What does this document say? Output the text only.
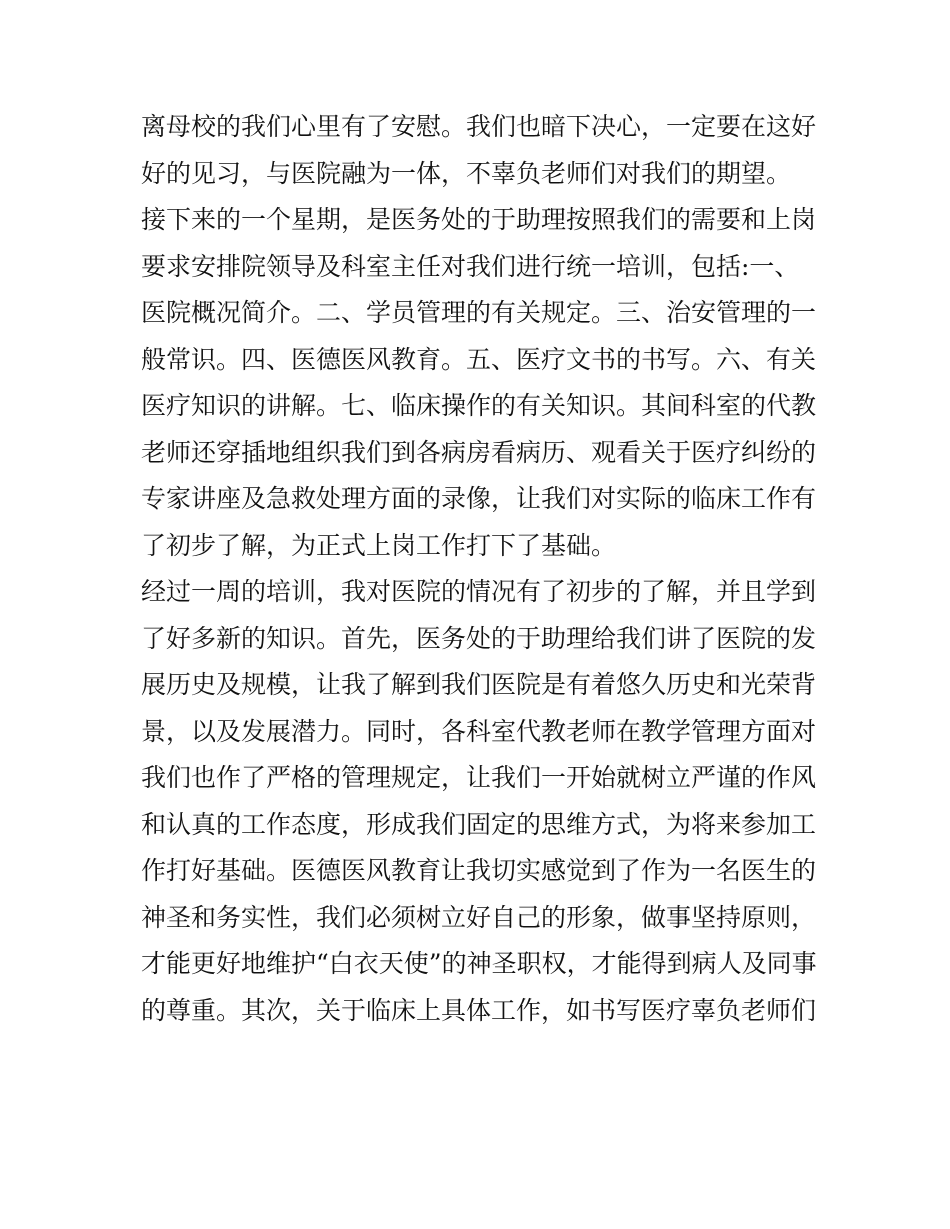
离母校的我们心里有了安慰。我们也暗下决心，一定要在这好
好的见习，与医院融为一体，不辜负老师们对我们的期望。
接下来的一个星期，是医务处的于助理按照我们的需要和上岗
要求安排院领导及科室主任对我们进行统一培训，包括:一、
医院概况简介。二、学员管理的有关规定。三、治安管理的一
般常识。四、医德医风教育。五、医疗文书的书写。六、有关
医疗知识的讲解。七、临床操作的有关知识。其间科室的代教
老师还穿插地组织我们到各病房看病历、观看关于医疗纠纷的
专家讲座及急救处理方面的录像，让我们对实际的临床工作有
了初步了解，为正式上岗工作打下了基础。
经过一周的培训，我对医院的情况有了初步的了解，并且学到
了好多新的知识。首先，医务处的于助理给我们讲了医院的发
展历史及规模，让我了解到我们医院是有着悠久历史和光荣背
景，以及发展潜力。同时，各科室代教老师在教学管理方面对
我们也作了严格的管理规定，让我们一开始就树立严谨的作风
和认真的工作态度，形成我们固定的思维方式，为将来参加工
作打好基础。医德医风教育让我切实感觉到了作为一名医生的
神圣和务实性，我们必须树立好自己的形象，做事坚持原则，
才能更好地维护“白衣天使”的神圣职权，才能得到病人及同事
的尊重。其次，关于临床上具体工作，如书写医疗辜负老师们
